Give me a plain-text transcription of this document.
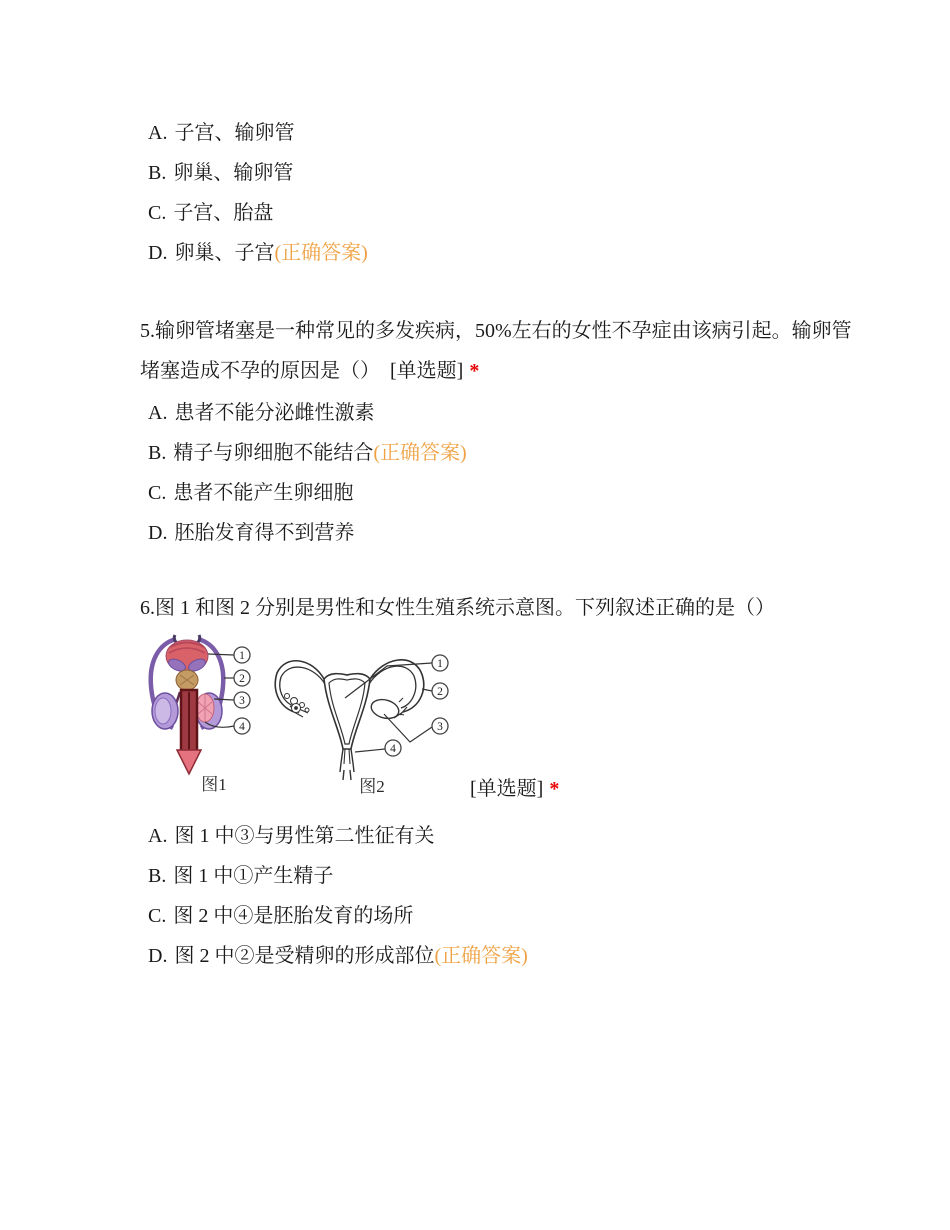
A. 子宫、输卵管
B. 卵巢、输卵管
C. 子宫、胎盘
D. 卵巢、子宫(正确答案)
5.输卵管堵塞是一种常见的多发疾病，50%左右的女性不孕症由该病引起。输卵管堵塞造成不孕的原因是（） [单选题] *
A. 患者不能分泌雌性激素
B. 精子与卵细胞不能结合(正确答案)
C. 患者不能产生卵细胞
D. 胚胎发育得不到营养
6.图 1 和图 2 分别是男性和女性生殖系统示意图。下列叙述正确的是（）
1
2
3
4
图1
1
2
3
4
图2	[单选题] *
A. 图 1 中③与男性第二性征有关
B. 图 1 中①产生精子
C. 图 2 中④是胚胎发育的场所
D. 图 2 中②是受精卵的形成部位(正确答案)
